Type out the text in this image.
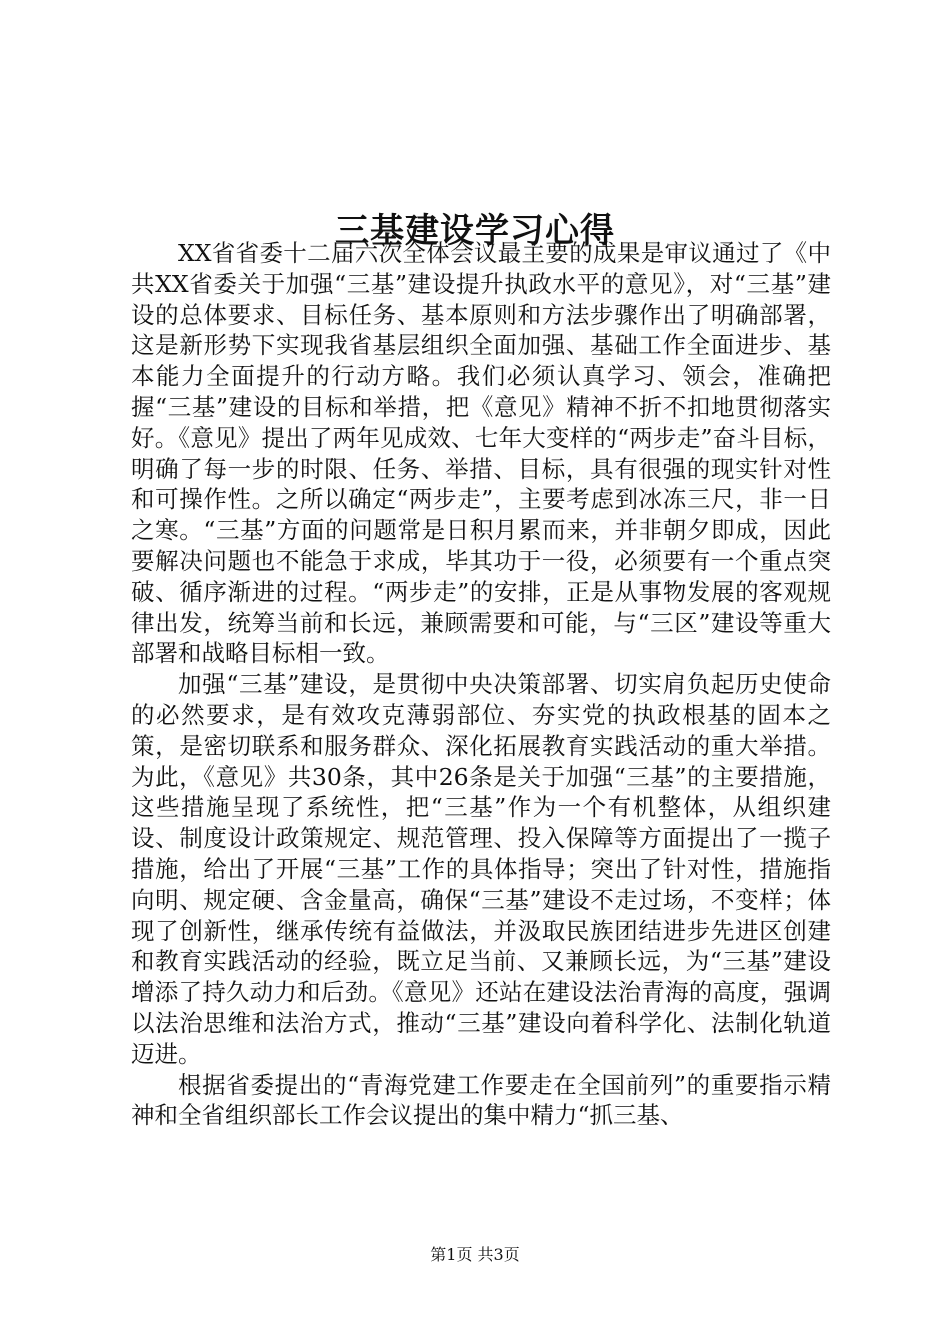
三基建设学习心得

XX省省委十二届六次全体会议最主要的成果是审议通过了《中共XX省委关于加强“三基”建设提升执政水平的意见》，对“三基”建设的总体要求、目标任务、基本原则和方法步骤作出了明确部署，这是新形势下实现我省基层组织全面加强、基础工作全面进步、基本能力全面提升的行动方略。我们必须认真学习、领会，准确把握“三基”建设的目标和举措，把《意见》精神不折不扣地贯彻落实好。《意见》提出了两年见成效、七年大变样的“两步走”奋斗目标，明确了每一步的时限、任务、举措、目标，具有很强的现实针对性和可操作性。之所以确定“两步走”，主要考虑到冰冻三尺，非一日之寒。“三基”方面的问题常是日积月累而来，并非朝夕即成，因此要解决问题也不能急于求成，毕其功于一役，必须要有一个重点突破、循序渐进的过程。“两步走”的安排，正是从事物发展的客观规律出发，统筹当前和长远，兼顾需要和可能，与“三区”建设等重大部署和战略目标相一致。

加强“三基”建设，是贯彻中央决策部署、切实肩负起历史使命的必然要求，是有效攻克薄弱部位、夯实党的执政根基的固本之策，是密切联系和服务群众、深化拓展教育实践活动的重大举措。为此，《意见》共30条，其中26条是关于加强“三基”的主要措施，这些措施呈现了系统性，把“三基”作为一个有机整体，从组织建设、制度设计政策规定、规范管理、投入保障等方面提出了一揽子措施，给出了开展“三基”工作的具体指导；突出了针对性，措施指向明、规定硬、含金量高，确保“三基”建设不走过场，不变样；体现了创新性，继承传统有益做法，并汲取民族团结进步先进区创建和教育实践活动的经验，既立足当前、又兼顾长远，为“三基”建设增添了持久动力和后劲。《意见》还站在建设法治青海的高度，强调以法治思维和法治方式，推动“三基”建设向着科学化、法制化轨道迈进。

根据省委提出的“青海党建工作要走在全国前列”的重要指示精神和全省组织部长工作会议提出的集中精力“抓三基、

第1页 共3页
